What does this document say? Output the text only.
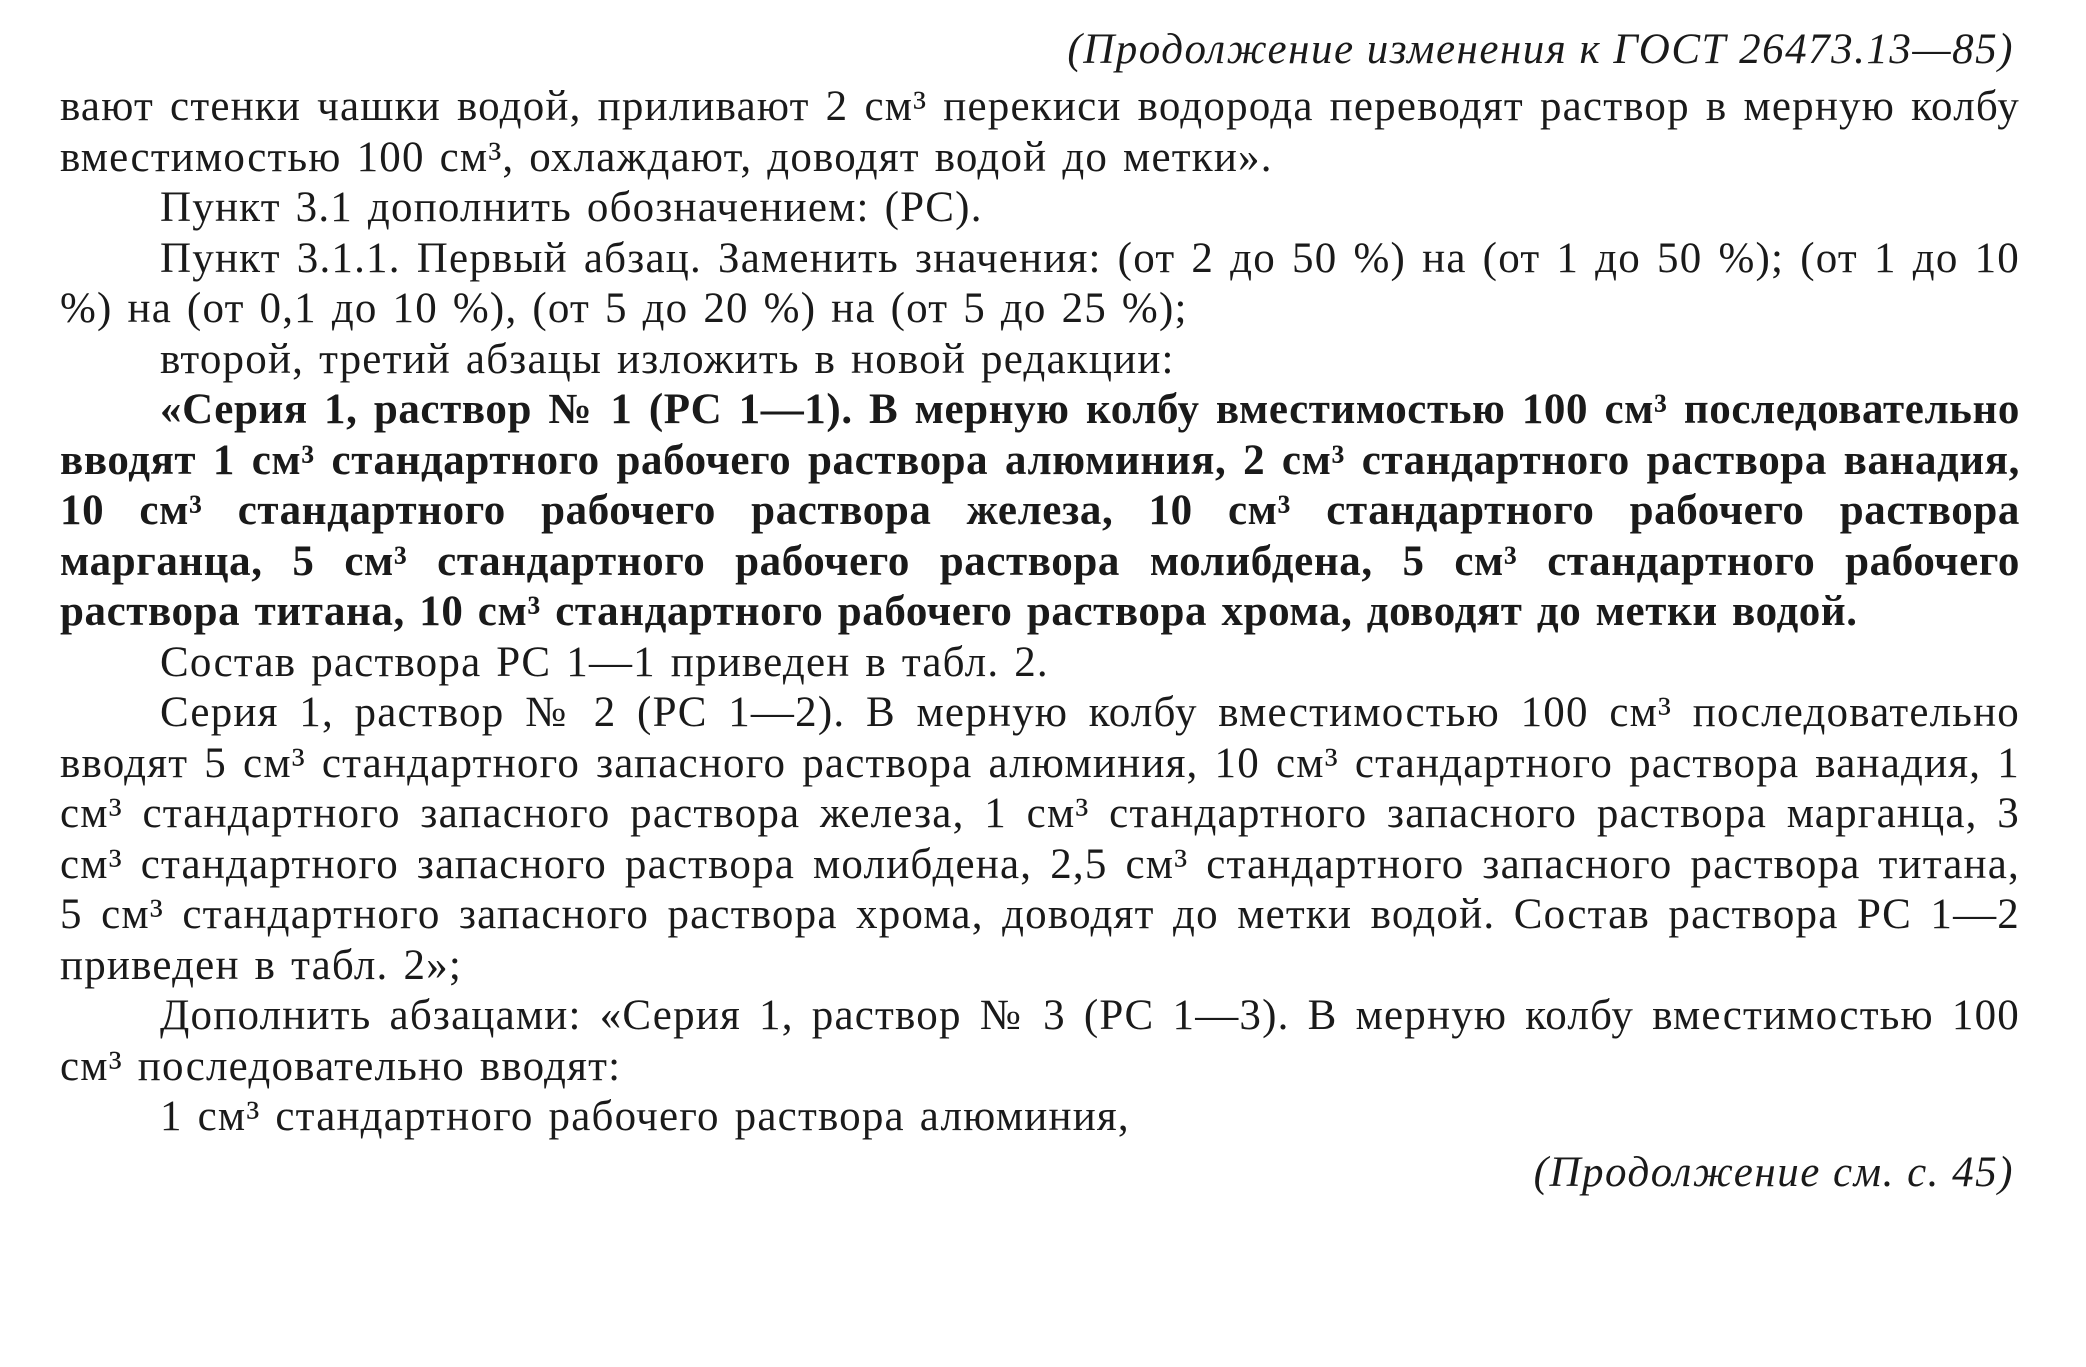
(Продолжение изменения к ГОСТ 26473.13—85)

вают стенки чашки водой, приливают 2 см³ перекиси водорода переводят раствор в мерную колбу вместимостью 100 см³, охлаждают, доводят водой до метки».

Пункт 3.1 дополнить обозначением: (PC).

Пункт 3.1.1. Первый абзац. Заменить значения: (от 2 до 50 %) на (от 1 до 50 %); (от 1 до 10 %) на (от 0,1 до 10 %), (от 5 до 20 %) на (от 5 до 25 %);

второй, третий абзацы изложить в новой редакции:

«Серия 1, раствор № 1 (PC 1—1). В мерную колбу вместимостью 100 см³ последовательно вводят 1 см³ стандартного рабочего раствора алюминия, 2 см³ стандартного раствора ванадия, 10 см³ стандартного рабочего раствора железа, 10 см³ стандартного рабочего раствора марганца, 5 см³ стандартного рабочего раствора молибдена, 5 см³ стандартного рабочего раствора титана, 10 см³ стандартного рабочего раствора хрома, доводят до метки водой.

Состав раствора PC 1—1 приведен в табл. 2.

Серия 1, раствор № 2 (PC 1—2). В мерную колбу вместимостью 100 см³ последовательно вводят 5 см³ стандартного запасного раствора алюминия, 10 см³ стандартного раствора ванадия, 1 см³ стандартного запасного раствора железа, 1 см³ стандартного запасного раствора марганца, 3 см³ стандартного запасного раствора молибдена, 2,5 см³ стандартного запасного раствора титана, 5 см³ стандартного запасного раствора хрома, доводят до метки водой. Состав раствора PC 1—2 приведен в табл. 2»;

Дополнить абзацами: «Серия 1, раствор № 3 (PC 1—3). В мерную колбу вместимостью 100 см³ последовательно вводят:

1 см³ стандартного рабочего раствора алюминия,

(Продолжение см. с. 45)
